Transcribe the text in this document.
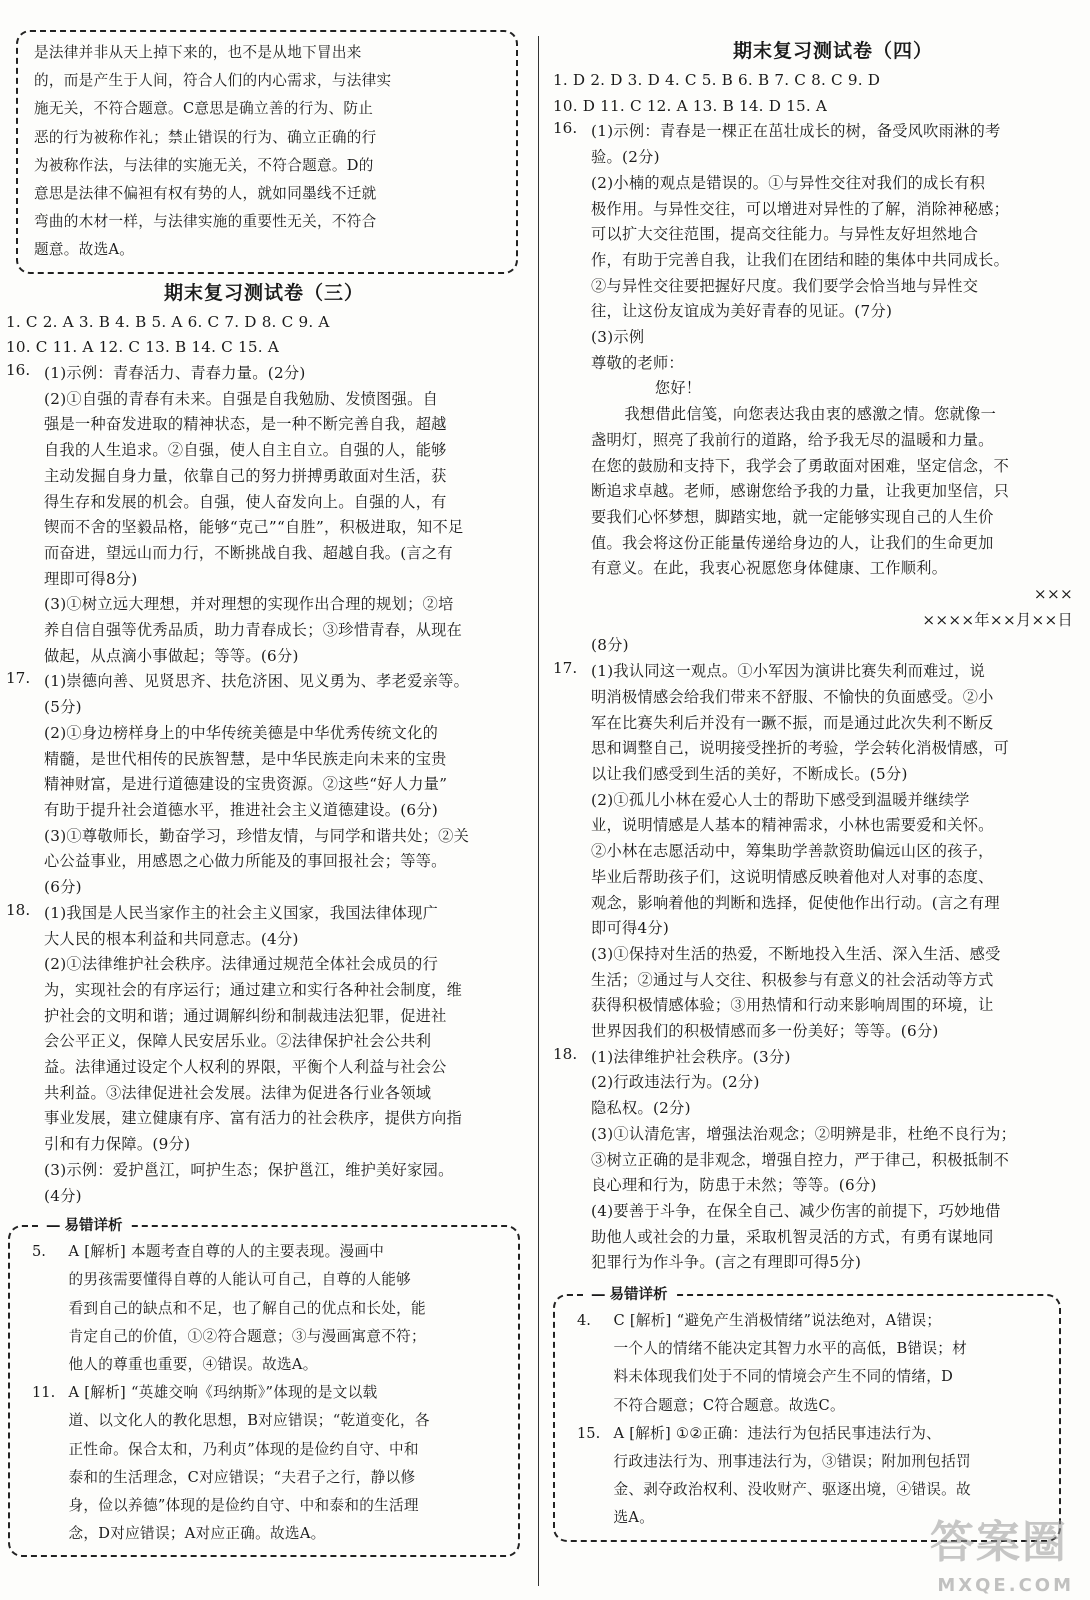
是法律并非从天上掉下来的，也不是从地下冒出来

的，而是产生于人间，符合人们的内心需求，与法律实

施无关，不符合题意。C意思是确立善的行为、防止

恶的行为被称作礼；禁止错误的行为、确立正确的行

为被称作法，与法律的实施无关，不符合题意。D的

意思是法律不偏袒有权有势的人，就如同墨线不迁就

弯曲的木材一样，与法律实施的重要性无关，不符合

题意。故选A。

期末复习测试卷（三）

1. C 2. A 3. B 4. B 5. A 6. C 7. D 8. C 9. A

10. C 11. A 12. C 13. B 14. C 15. A

16. (1)示例：青春活力、青春力量。(2分)

(2)①自强的青春有未来。自强是自我勉励、发愤图强。自

强是一种奋发进取的精神状态，是一种不断完善自我，超越

自我的人生追求。②自强，使人自主自立。自强的人，能够

主动发掘自身力量，依靠自己的努力拼搏勇敢面对生活，获

得生存和发展的机会。自强，使人奋发向上。自强的人，有

锲而不舍的坚毅品格，能够“克己”“自胜”，积极进取，知不足

而奋进，望远山而力行，不断挑战自我、超越自我。(言之有

理即可得8分)

(3)①树立远大理想，并对理想的实现作出合理的规划；②培

养自信自强等优秀品质，助力青春成长；③珍惜青春，从现在

做起，从点滴小事做起；等等。(6分)

17. (1)崇德向善、见贤思齐、扶危济困、见义勇为、孝老爱亲等。

(5分)

(2)①身边榜样身上的中华传统美德是中华优秀传统文化的

精髓，是世代相传的民族智慧，是中华民族走向未来的宝贵

精神财富，是进行道德建设的宝贵资源。②这些“好人力量”

有助于提升社会道德水平，推进社会主义道德建设。(6分)

(3)①尊敬师长，勤奋学习，珍惜友情，与同学和谐共处；②关

心公益事业，用感恩之心做力所能及的事回报社会；等等。

(6分)

18. (1)我国是人民当家作主的社会主义国家，我国法律体现广

大人民的根本利益和共同意志。(4分)

(2)①法律维护社会秩序。法律通过规范全体社会成员的行

为，实现社会的有序运行；通过建立和实行各种社会制度，维

护社会的文明和谐；通过调解纠纷和制裁违法犯罪，促进社

会公平正义，保障人民安居乐业。②法律保护社会公共利

益。法律通过设定个人权利的界限，平衡个人利益与社会公

共利益。③法律促进社会发展。法律为促进各行业各领域

事业发展，建立健康有序、富有活力的社会秩序，提供方向指

引和有力保障。(9分)

(3)示例：爱护邕江，呵护生态；保护邕江，维护美好家园。

(4分)

— 易错详析
5. A [解析] 本题考查自尊的人的主要表现。漫画中

的男孩需要懂得自尊的人能认可自己，自尊的人能够

看到自己的缺点和不足，也了解自己的优点和长处，能

肯定自己的价值，①②符合题意；③与漫画寓意不符；

他人的尊重也重要，④错误。故选A。

11. A [解析] “英雄交响《玛纳斯》”体现的是文以载

道、以文化人的教化思想，B对应错误；“乾道变化，各

正性命。保合太和，乃利贞”体现的是俭约自守、中和

泰和的生活理念，C对应错误；“夫君子之行，静以修

身，俭以养德”体现的是俭约自守、中和泰和的生活理

念，D对应错误；A对应正确。故选A。

期末复习测试卷（四）

1. D 2. D 3. D 4. C 5. B 6. B 7. C 8. C 9. D

10. D 11. C 12. A 13. B 14. D 15. A

16. (1)示例：青春是一棵正在茁壮成长的树，备受风吹雨淋的考

验。(2分)

(2)小楠的观点是错误的。①与异性交往对我们的成长有积

极作用。与异性交往，可以增进对异性的了解，消除神秘感；

可以扩大交往范围，提高交往能力。与异性友好坦然地合

作，有助于完善自我，让我们在团结和睦的集体中共同成长。

②与异性交往要把握好尺度。我们要学会恰当地与异性交

往，让这份友谊成为美好青春的见证。(7分)

(3)示例

尊敬的老师：

您好！

我想借此信笺，向您表达我由衷的感激之情。您就像一

盏明灯，照亮了我前行的道路，给予我无尽的温暖和力量。

在您的鼓励和支持下，我学会了勇敢面对困难，坚定信念，不

断追求卓越。老师，感谢您给予我的力量，让我更加坚信，只

要我们心怀梦想，脚踏实地，就一定能够实现自己的人生价

值。我会将这份正能量传递给身边的人，让我们的生命更加

有意义。在此，我衷心祝愿您身体健康、工作顺利。

×××

××××年××月××日

(8分)

17. (1)我认同这一观点。①小军因为演讲比赛失利而难过，说

明消极情感会给我们带来不舒服、不愉快的负面感受。②小

军在比赛失利后并没有一蹶不振，而是通过此次失利不断反

思和调整自己，说明接受挫折的考验，学会转化消极情感，可

以让我们感受到生活的美好，不断成长。(5分)

(2)①孤儿小林在爱心人士的帮助下感受到温暖并继续学

业，说明情感是人基本的精神需求，小林也需要爱和关怀。

②小林在志愿活动中，筹集助学善款资助偏远山区的孩子，

毕业后帮助孩子们，这说明情感反映着他对人对事的态度、

观念，影响着他的判断和选择，促使他作出行动。(言之有理

即可得4分)

(3)①保持对生活的热爱，不断地投入生活、深入生活、感受

生活；②通过与人交往、积极参与有意义的社会活动等方式

获得积极情感体验；③用热情和行动来影响周围的环境，让

世界因我们的积极情感而多一份美好；等等。(6分)

18. (1)法律维护社会秩序。(3分)

(2)行政违法行为。(2分)

隐私权。(2分)

(3)①认清危害，增强法治观念；②明辨是非，杜绝不良行为；

③树立正确的是非观念，增强自控力，严于律己，积极抵制不

良心理和行为，防患于未然；等等。(6分)

(4)要善于斗争，在保全自己、减少伤害的前提下，巧妙地借

助他人或社会的力量，采取机智灵活的方式，有勇有谋地同

犯罪行为作斗争。(言之有理即可得5分)

— 易错详析
4. C [解析] “避免产生消极情绪”说法绝对，A错误；

一个人的情绪不能决定其智力水平的高低，B错误；材

料未体现我们处于不同的情境会产生不同的情绪，D

不符合题意；C符合题意。故选C。

15. A [解析] ①②正确：违法行为包括民事违法行为、

行政违法行为、刑事违法行为，③错误；附加刑包括罚

金、剥夺政治权利、没收财产、驱逐出境，④错误。故

选A。	答案圈
MXQE.COM
